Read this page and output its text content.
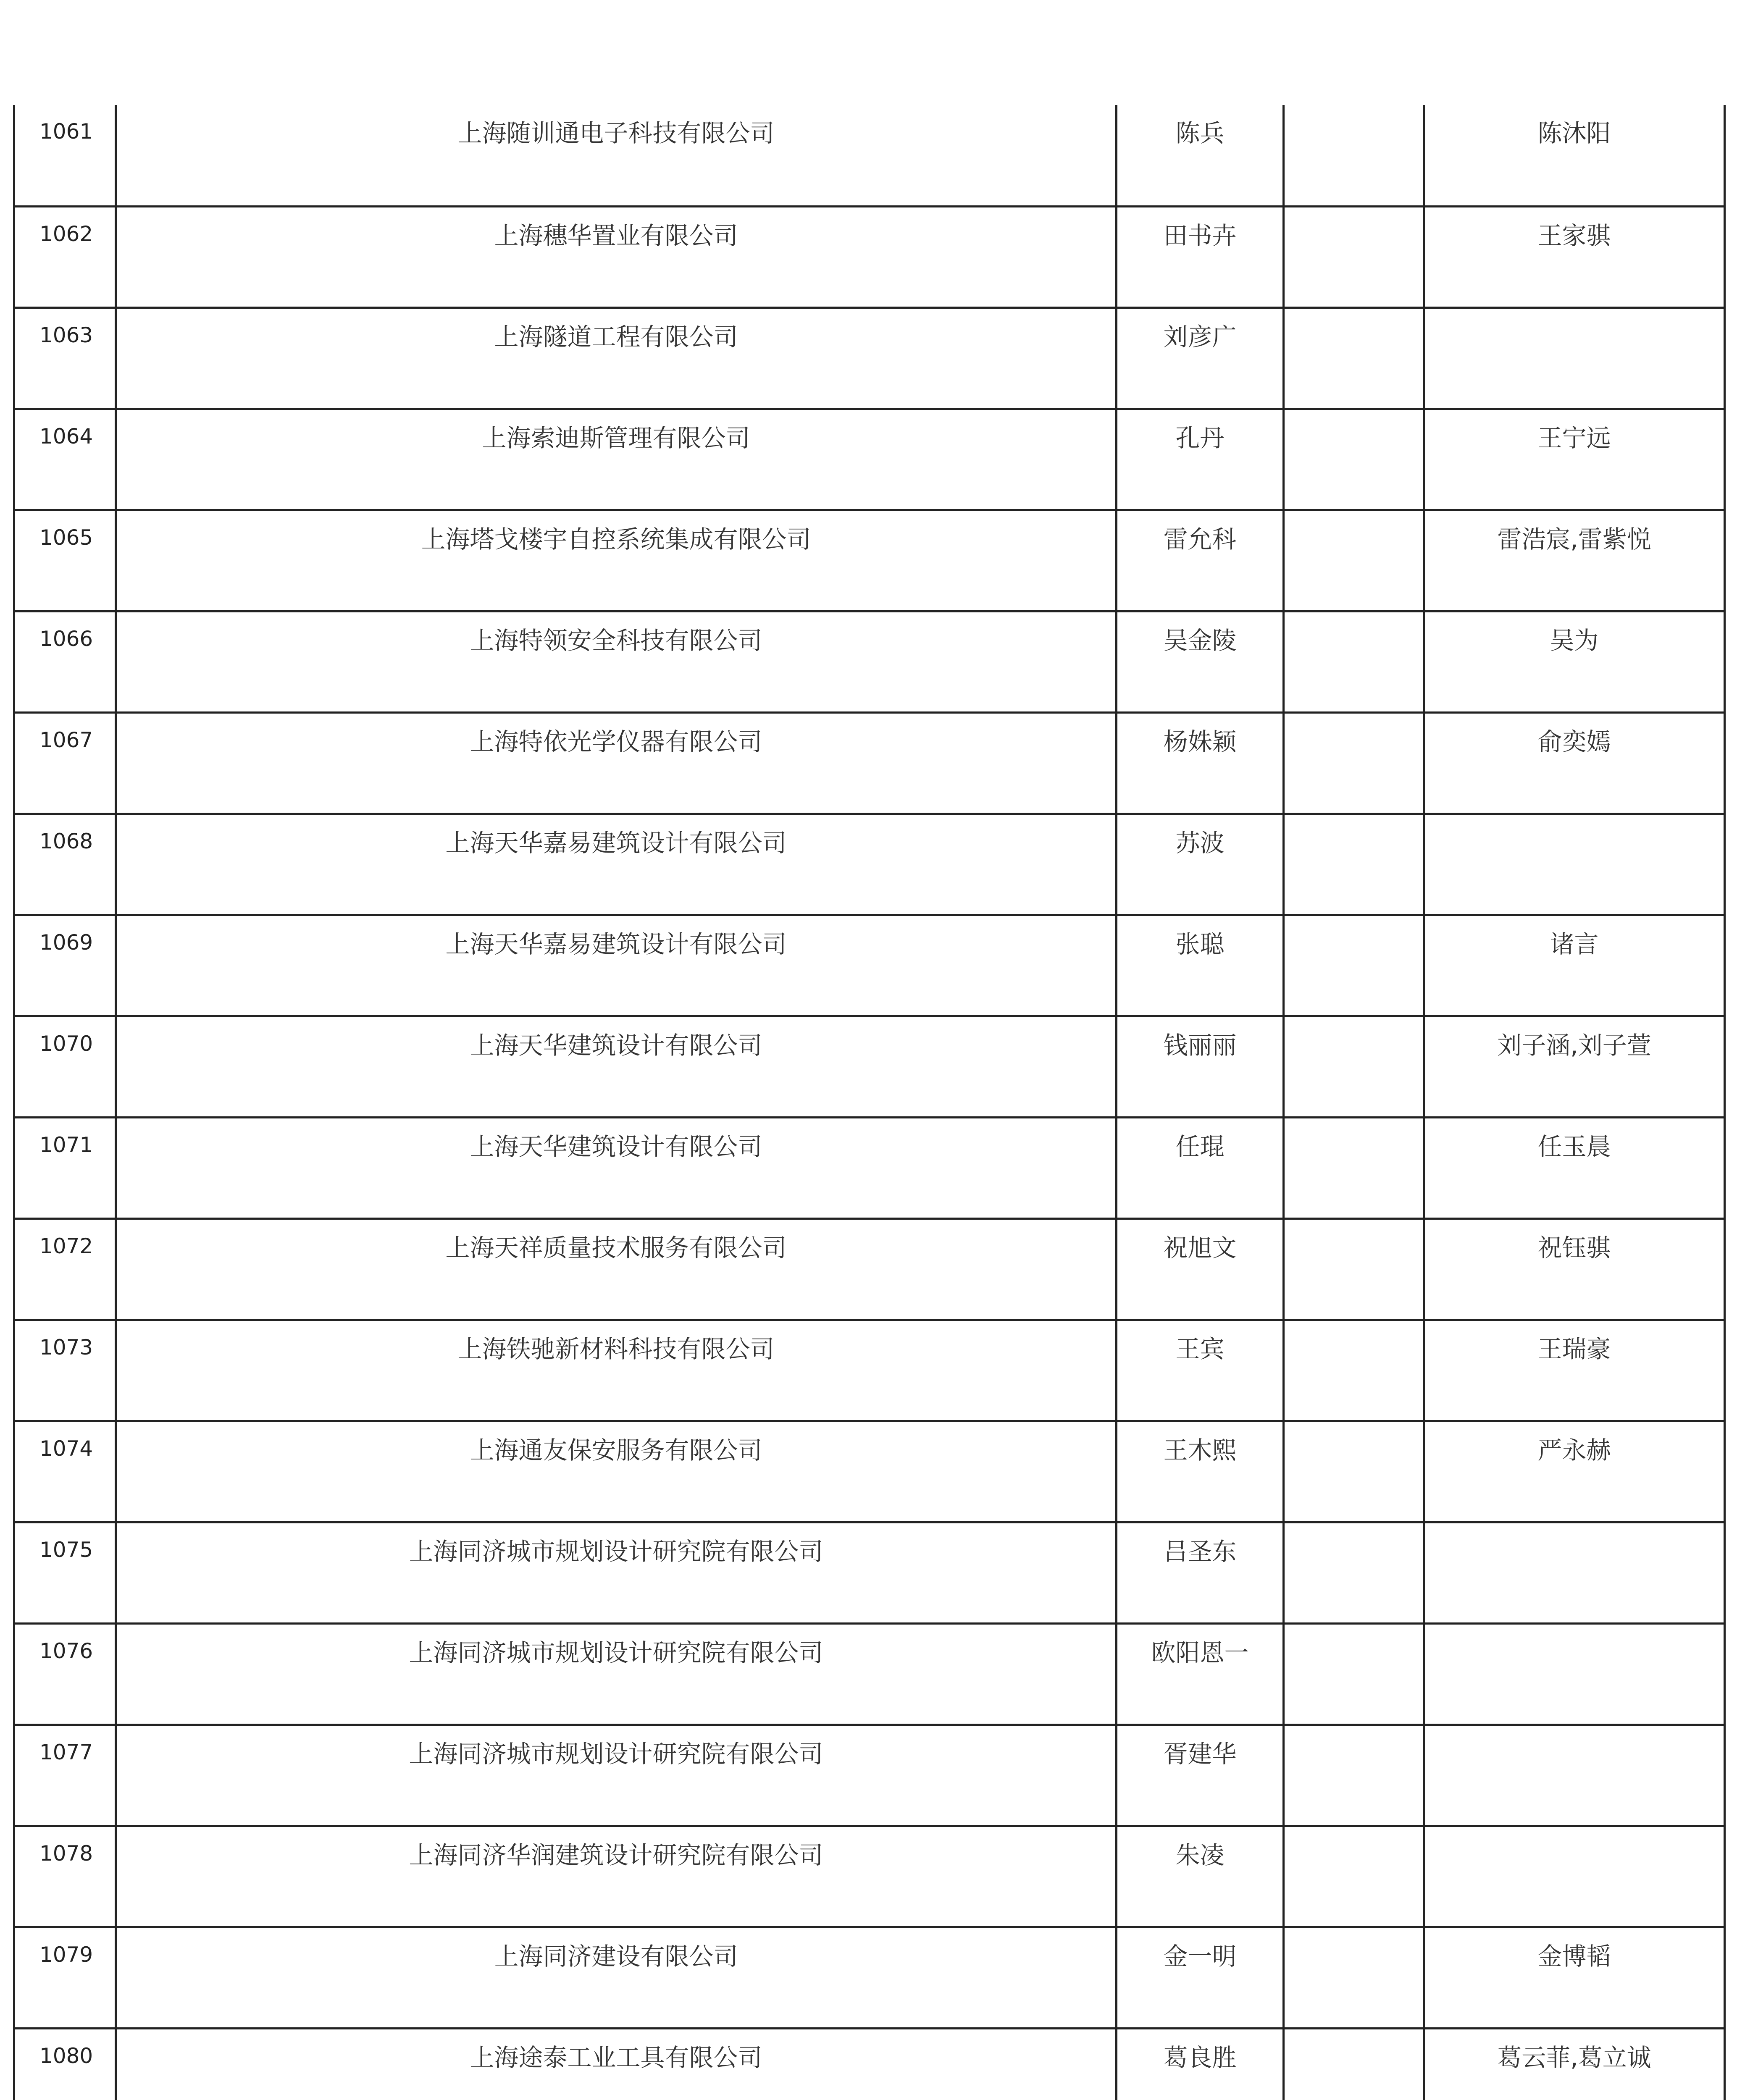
1061	上海随训通电子科技有限公司	陈兵		陈沐阳

1062	上海穗华置业有限公司	田书卉		王家骐

1063	上海隧道工程有限公司	刘彦广		

1064	上海索迪斯管理有限公司	孔丹		王宁远

1065	上海塔戈楼宇自控系统集成有限公司	雷允科		雷浩宸,雷紫悦

1066	上海特领安全科技有限公司	吴金陵		吴为

1067	上海特依光学仪器有限公司	杨姝颖		俞奕嫣

1068	上海天华嘉易建筑设计有限公司	苏波		

1069	上海天华嘉易建筑设计有限公司	张聪		诸言

1070	上海天华建筑设计有限公司	钱丽丽		刘子涵,刘子萱

1071	上海天华建筑设计有限公司	任琨		任玉晨

1072	上海天祥质量技术服务有限公司	祝旭文		祝钰骐

1073	上海铁驰新材料科技有限公司	王宾		王瑞豪

1074	上海通友保安服务有限公司	王木熙		严永赫

1075	上海同济城市规划设计研究院有限公司	吕圣东		

1076	上海同济城市规划设计研究院有限公司	欧阳恩一		

1077	上海同济城市规划设计研究院有限公司	胥建华		

1078	上海同济华润建筑设计研究院有限公司	朱凌		

1079	上海同济建设有限公司	金一明		金博韬

1080	上海途泰工业工具有限公司	葛良胜		葛云菲,葛立诚
